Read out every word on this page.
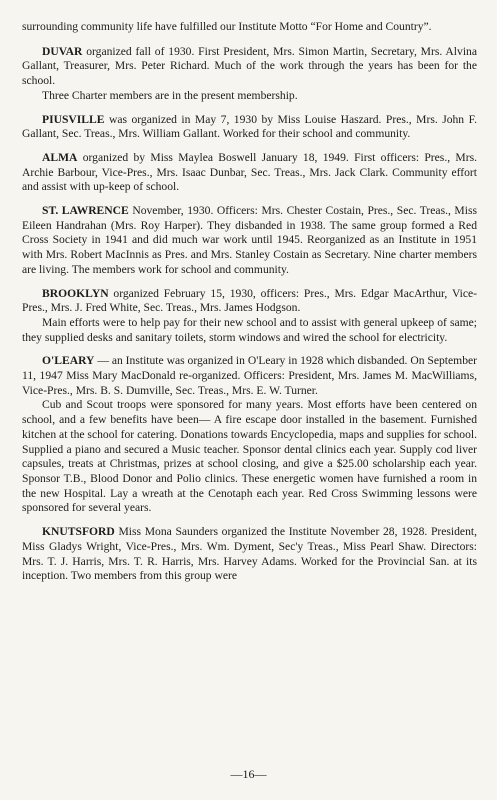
surrounding community life have fulfilled our Institute Motto “For Home and Country”.

DUVAR organized fall of 1930. First President, Mrs. Simon Martin, Secretary, Mrs. Alvina Gallant, Treasurer, Mrs. Peter Richard. Much of the work through the years has been for the school.

Three Charter members are in the present membership.

PIUSVILLE was organized in May 7, 1930 by Miss Louise Haszard. Pres., Mrs. John F. Gallant, Sec. Treas., Mrs. William Gallant. Worked for their school and community.

ALMA organized by Miss Maylea Boswell January 18, 1949. First officers: Pres., Mrs. Archie Barbour, Vice-Pres., Mrs. Isaac Dunbar, Sec. Treas., Mrs. Jack Clark. Community effort and assist with up-keep of school.

ST. LAWRENCE November, 1930. Officers: Mrs. Chester Costain, Pres., Sec. Treas., Miss Eileen Handrahan (Mrs. Roy Harper). They disbanded in 1938. The same group formed a Red Cross Society in 1941 and did much war work until 1945. Reorganized as an Institute in 1951 with Mrs. Robert MacInnis as Pres. and Mrs. Stanley Costain as Secretary. Nine charter members are living. The members work for school and community.

BROOKLYN organized February 15, 1930, officers: Pres., Mrs. Edgar MacArthur, Vice-Pres., Mrs. J. Fred White, Sec. Treas., Mrs. James Hodgson.

Main efforts were to help pay for their new school and to assist with general upkeep of same; they supplied desks and sanitary toilets, storm windows and wired the school for electricity.

O'LEARY — an Institute was organized in O'Leary in 1928 which disbanded. On September 11, 1947 Miss Mary MacDonald re-organized. Officers: President, Mrs. James M. MacWilliams, Vice-Pres., Mrs. B. S. Dumville, Sec. Treas., Mrs. E. W. Turner.

Cub and Scout troops were sponsored for many years. Most efforts have been centered on school, and a few benefits have been— A fire escape door installed in the basement. Furnished kitchen at the school for catering. Donations towards Encyclopedia, maps and supplies for school. Supplied a piano and secured a Music teacher. Sponsor dental clinics each year. Supply cod liver capsules, treats at Christmas, prizes at school closing, and give a $25.00 scholarship each year. Sponsor T.B., Blood Donor and Polio clinics. These energetic women have furnished a room in the new Hospital. Lay a wreath at the Cenotaph each year. Red Cross Swimming lessons were sponsored for several years.

KNUTSFORD Miss Mona Saunders organized the Institute November 28, 1928. President, Miss Gladys Wright, Vice-Pres., Mrs. Wm. Dyment, Sec'y Treas., Miss Pearl Shaw. Directors: Mrs. T. J. Harris, Mrs. T. R. Harris, Mrs. Harvey Adams. Worked for the Provincial San. at its inception. Two members from this group were

—16—
